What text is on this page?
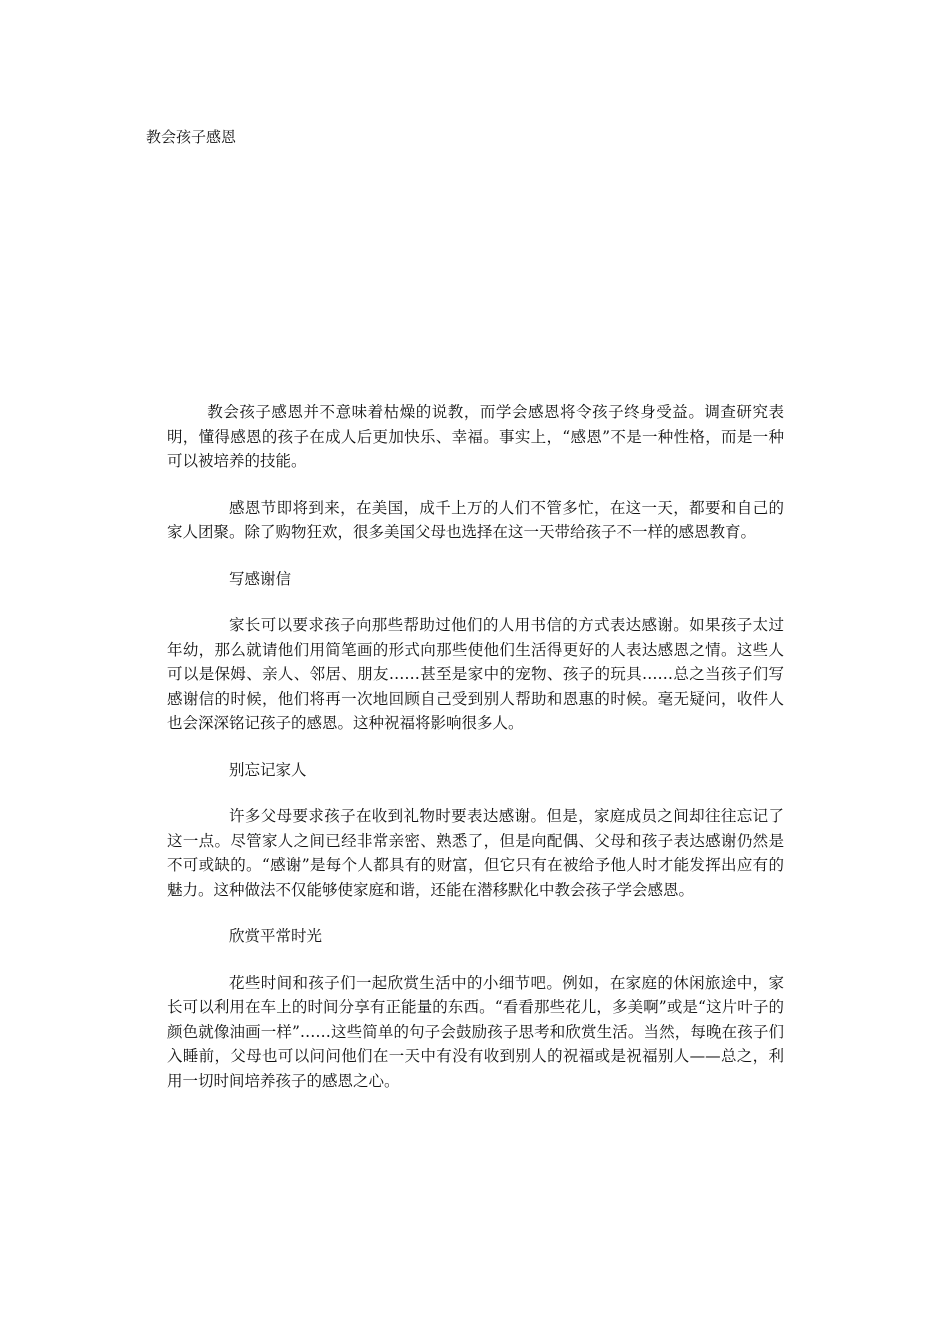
教会孩子感恩

教会孩子感恩并不意味着枯燥的说教，而学会感恩将令孩子终身受益。调查研究表明，懂得感恩的孩子在成人后更加快乐、幸福。事实上，“感恩”不是一种性格，而是一种可以被培养的技能。

感恩节即将到来，在美国，成千上万的人们不管多忙，在这一天，都要和自己的家人团聚。除了购物狂欢，很多美国父母也选择在这一天带给孩子不一样的感恩教育。

写感谢信

家长可以要求孩子向那些帮助过他们的人用书信的方式表达感谢。如果孩子太过年幼，那么就请他们用简笔画的形式向那些使他们生活得更好的人表达感恩之情。这些人可以是保姆、亲人、邻居、朋友……甚至是家中的宠物、孩子的玩具……总之当孩子们写感谢信的时候，他们将再一次地回顾自己受到别人帮助和恩惠的时候。毫无疑问，收件人也会深深铭记孩子的感恩。这种祝福将影响很多人。

别忘记家人

许多父母要求孩子在收到礼物时要表达感谢。但是，家庭成员之间却往往忘记了这一点。尽管家人之间已经非常亲密、熟悉了，但是向配偶、父母和孩子表达感谢仍然是不可或缺的。“感谢”是每个人都具有的财富，但它只有在被给予他人时才能发挥出应有的魅力。这种做法不仅能够使家庭和谐，还能在潜移默化中教会孩子学会感恩。

欣赏平常时光

花些时间和孩子们一起欣赏生活中的小细节吧。例如，在家庭的休闲旅途中，家长可以利用在车上的时间分享有正能量的东西。“看看那些花儿，多美啊”或是“这片叶子的颜色就像油画一样”……这些简单的句子会鼓励孩子思考和欣赏生活。当然，每晚在孩子们入睡前，父母也可以问问他们在一天中有没有收到别人的祝福或是祝福别人——总之，利用一切时间培养孩子的感恩之心。
